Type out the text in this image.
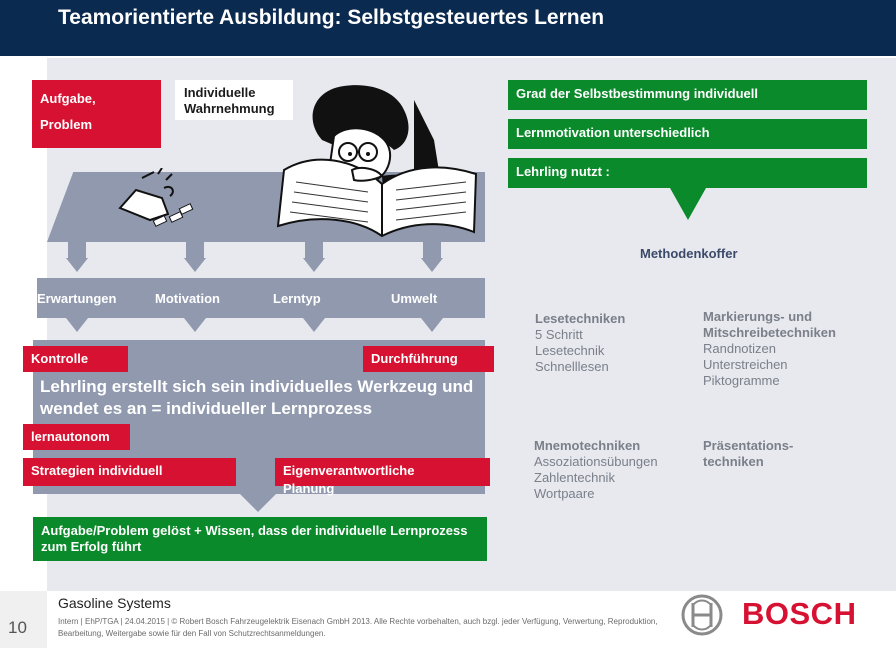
Teamorientierte Ausbildung: Selbstgesteuertes Lernen
Aufgabe,
Problem
Individuelle
Wahrnehmung
Erwartungen	Motivation	Lerntyp	Umwelt
Lehrling erstellt sich sein individuelles Werkzeug und wendet es an = individueller Lernprozess
Kontrolle	Durchführung
lernautonom
Strategien individuell	Eigenverantwortliche Planung
Aufgabe/Problem gelöst + Wissen, dass der individuelle Lernprozess zum Erfolg führt
Grad der Selbstbestimmung individuell
Lernmotivation unterschiedlich
Lehrling nutzt :
Methodenkoffer
Lesetechniken
5 Schritt
Lesetechnik
Schnelllesen
Markierungs- und Mitschreibetechniken
Randnotizen
Unterstreichen
Piktogramme
Mnemotechniken
Assoziationsübungen
Zahlentechnik
Wortpaare
Präsentations-techniken
10
Gasoline Systems
Intern | EhP/TGA | 24.04.2015 | © Robert Bosch Fahrzeugelektrik Eisenach GmbH 2013. Alle Rechte vorbehalten, auch bzgl. jeder Verfügung, Verwertung, Reproduktion, Bearbeitung, Weitergabe sowie für den Fall von Schutzrechtsanmeldungen.
BOSCH
